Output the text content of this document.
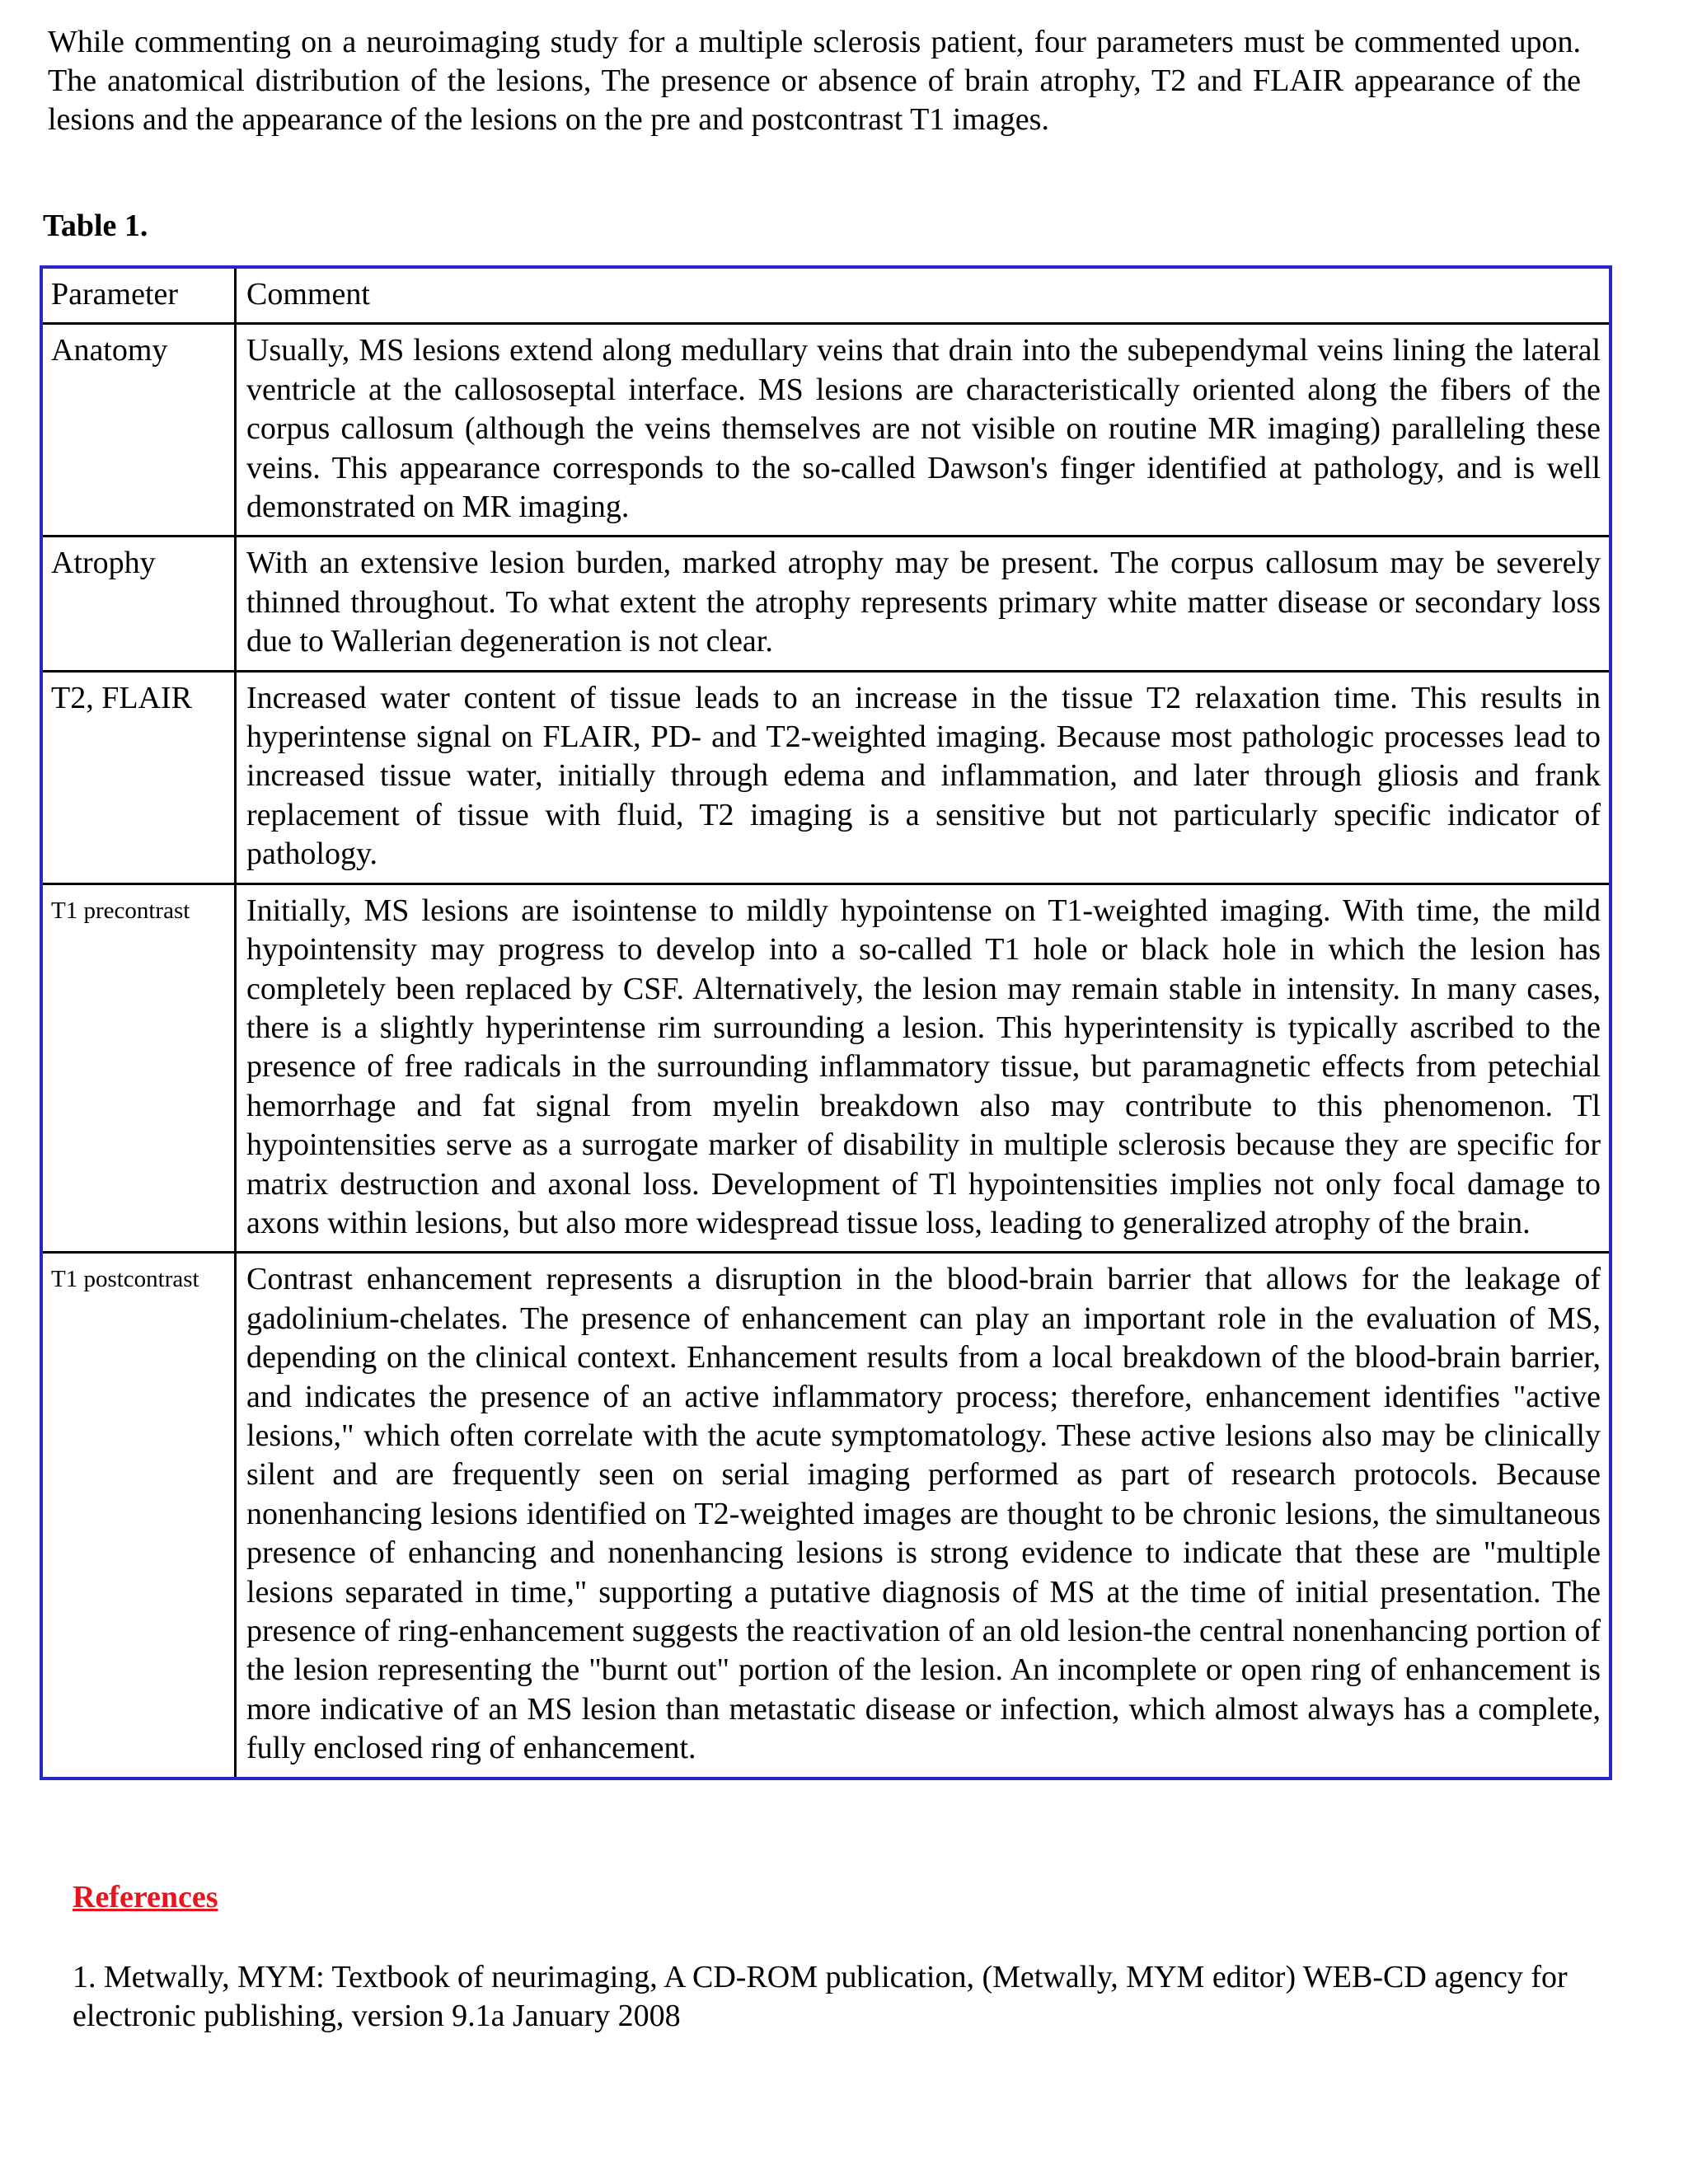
While commenting on a neuroimaging study for a multiple sclerosis patient, four parameters must be commented upon. The anatomical distribution of the lesions, The presence or absence of brain atrophy, T2 and FLAIR appearance of the lesions and the appearance of the lesions on the pre and postcontrast T1 images.

Table 1.

Parameter	Comment
Anatomy	Usually, MS lesions extend along medullary veins that drain into the subependymal veins lining the lateral ventricle at the callososeptal interface. MS lesions are characteristically oriented along the fibers of the corpus callosum (although the veins themselves are not visible on routine MR imaging) paralleling these veins. This appearance corresponds to the so-called Dawson's finger identified at pathology, and is well demonstrated on MR imaging.
Atrophy	With an extensive lesion burden, marked atrophy may be present. The corpus callosum may be severely thinned throughout. To what extent the atrophy represents primary white matter disease or secondary loss due to Wallerian degeneration is not clear.
T2, FLAIR	Increased water content of tissue leads to an increase in the tissue T2 relaxation time. This results in hyperintense signal on FLAIR, PD- and T2-weighted imaging. Because most pathologic processes lead to increased tissue water, initially through edema and inflammation, and later through gliosis and frank replacement of tissue with fluid, T2 imaging is a sensitive but not particularly specific indicator of pathology.
T1 precontrast	Initially, MS lesions are isointense to mildly hypointense on T1-weighted imaging. With time, the mild hypointensity may progress to develop into a so-called T1 hole or black hole in which the lesion has completely been replaced by CSF. Alternatively, the lesion may remain stable in intensity. In many cases, there is a slightly hyperintense rim surrounding a lesion. This hyperintensity is typically ascribed to the presence of free radicals in the surrounding inflammatory tissue, but paramagnetic effects from petechial hemorrhage and fat signal from myelin breakdown also may contribute to this phenomenon. Tl hypointensities serve as a surrogate marker of disability in multiple sclerosis because they are specific for matrix destruction and axonal loss. Development of Tl hypointensities implies not only focal damage to axons within lesions, but also more widespread tissue loss, leading to generalized atrophy of the brain.
T1 postcontrast	Contrast enhancement represents a disruption in the blood-brain barrier that allows for the leakage of gadolinium-chelates. The presence of enhancement can play an important role in the evaluation of MS, depending on the clinical context. Enhancement results from a local breakdown of the blood-brain barrier, and indicates the presence of an active inflammatory process; therefore, enhancement identifies "active lesions," which often correlate with the acute symptomatology. These active lesions also may be clinically silent and are frequently seen on serial imaging performed as part of research protocols. Because nonenhancing lesions identified on T2-weighted images are thought to be chronic lesions, the simultaneous presence of enhancing and nonenhancing lesions is strong evidence to indicate that these are "multiple lesions separated in time," supporting a putative diagnosis of MS at the time of initial presentation. The presence of ring-enhancement suggests the reactivation of an old lesion-the central nonenhancing portion of the lesion representing the "burnt out" portion of the lesion. An incomplete or open ring of enhancement is more indicative of an MS lesion than metastatic disease or infection, which almost always has a complete, fully enclosed ring of enhancement.

References

1. Metwally, MYM: Textbook of neurimaging, A CD-ROM publication, (Metwally, MYM editor) WEB-CD agency for electronic publishing, version 9.1a January 2008
